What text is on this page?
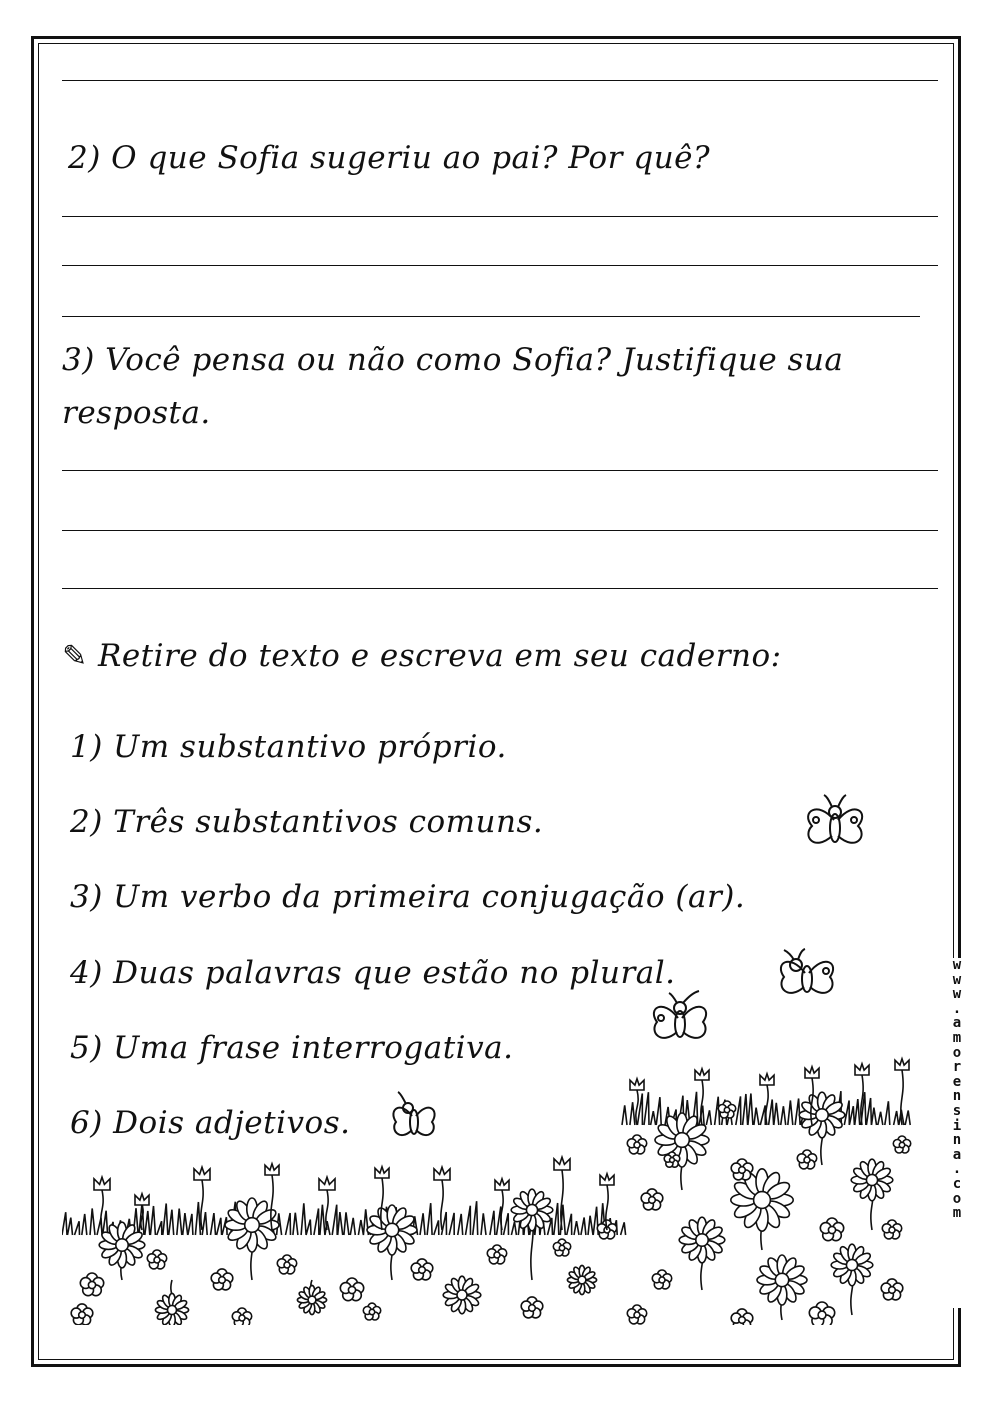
2) O que Sofia sugeriu ao pai? Por quê?
3) Você pensa ou não como Sofia? Justifique sua
resposta.
✎ Retire do texto e escreva em seu caderno:
1) Um substantivo próprio.
2) Três substantivos comuns.
3) Um verbo da primeira conjugação (ar).
4) Duas palavras que estão no plural.
5) Uma frase interrogativa.
6) Dois adjetivos.
w
w
w
.
a
m
o
r
e
n
s
i
n
a
.
c
o
m
